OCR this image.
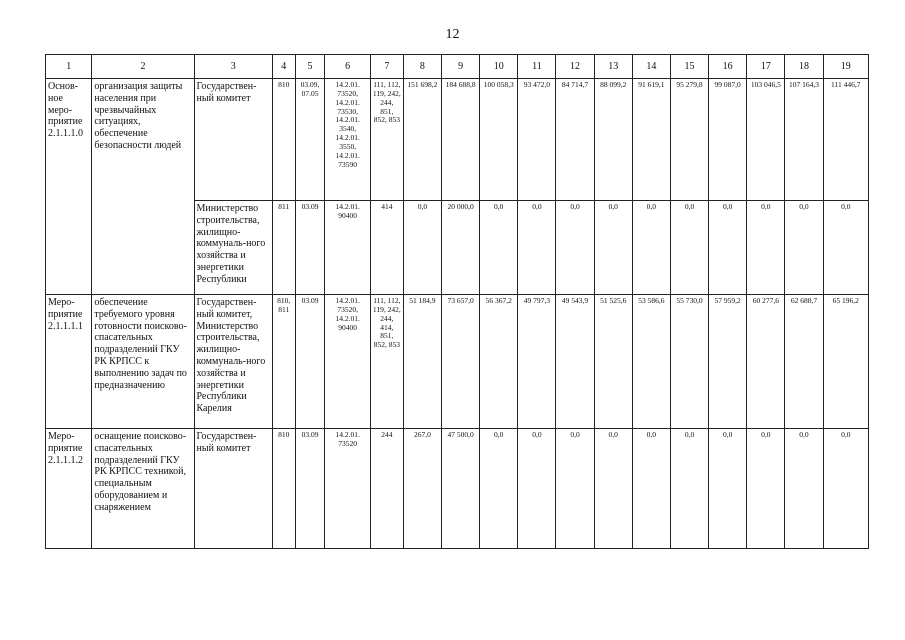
12
1	2	3	4	5	6	7	8	9	10	11	12	13	14	15	16	17	18	19
Основ-ное меро-приятие 2.1.1.1.0	организация защиты населения при чрезвычайных ситуациях, обеспечение безопасности людей	Государствен-ный комитет	810	03.09, 07.05	14.2.01. 73520, 14.2.01. 73530, 14.2.01. 3540, 14.2.01. 3550, 14.2.01. 73590	111, 112, 119, 242, 244, 851, 852, 853	151 698,2	184 688,8	100 058,3	93 472,0	84 714,7	88 099,2	91 619,1	95 279,8	99 087,0	103 046,5	107 164,3	111 446,7
		Министерство строительства, жилищно-коммуналь-ного хозяйства и энергетики Республики	811	03.09	14.2.01. 90400	414	0,0	20 000,0	0,0	0,0	0,0	0,0	0,0	0,0	0,0	0,0	0,0	0,0
Меро-приятие 2.1.1.1.1	обеспечение требуемого уровня готовности поисково-спасательных подразделений ГКУ РК КРПСС к выполнению задач по предназначению	Государствен-ный комитет, Министерство строительства, жилищно-коммуналь-ного хозяйства и энергетики Республики Карелия	810, 811	03.09	14.2.01. 73520, 14.2.01. 90400	111, 112, 119, 242, 244, 414, 851, 852, 853	51 184,9	73 657,0	56 367,2	49 797,3	49 543,9	51 525,6	53 586,6	55 730,0	57 959,2	60 277,6	62 688,7	65 196,2
Меро-приятие 2.1.1.1.2	оснащение поисково-спасательных подразделений ГКУ РК КРПСС техникой, специальным оборудованием и снаряжением	Государствен-ный комитет	810	03.09	14.2.01. 73520	244	267,0	47 500,0	0,0	0,0	0,0	0,0	0,0	0,0	0,0	0,0	0,0	0,0
